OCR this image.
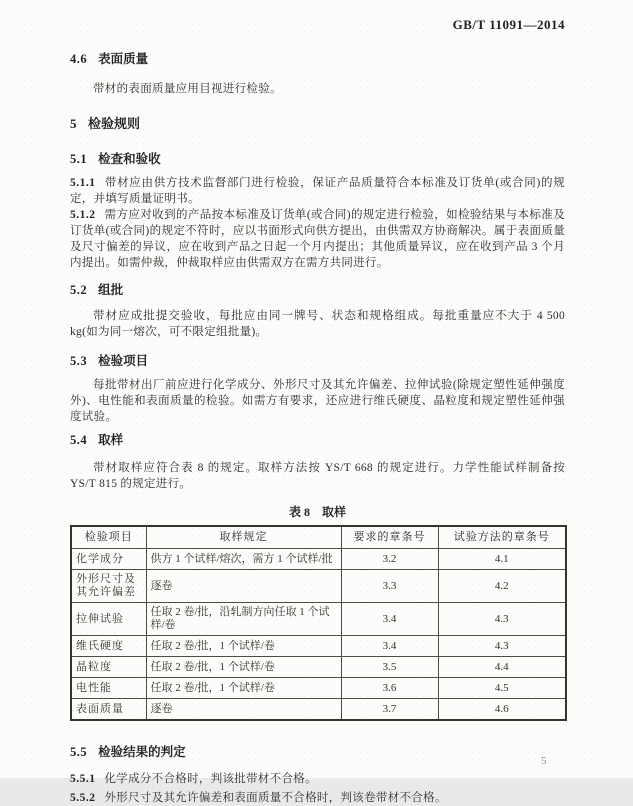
GB/T 11091—2014

4.6 表面质量

带材的表面质量应用目视进行检验。

5 检验规则

5.1 检查和验收

5.1.1 带材应由供方技术监督部门进行检验，保证产品质量符合本标准及订货单(或合同)的规定，并填写质量证明书。

5.1.2 需方应对收到的产品按本标准及订货单(或合同)的规定进行检验，如检验结果与本标准及订货单(或合同)的规定不符时，应以书面形式向供方提出，由供需双方协商解决。属于表面质量及尺寸偏差的异议，应在收到产品之日起一个月内提出；其他质量异议，应在收到产品 3 个月内提出。如需仲裁，仲裁取样应由供需双方在需方共同进行。

5.2 组批

带材应成批提交验收，每批应由同一牌号、状态和规格组成。每批重量应不大于 4 500 kg(如为同一熔次，可不限定组批量)。

5.3 检验项目

每批带材出厂前应进行化学成分、外形尺寸及其允许偏差、拉伸试验(除规定塑性延伸强度外)、电性能和表面质量的检验。如需方有要求，还应进行维氏硬度、晶粒度和规定塑性延伸强度试验。

5.4 取样

带材取样应符合表 8 的规定。取样方法按 YS/T 668 的规定进行。力学性能试样制备按 YS/T 815 的规定进行。

表 8　取样

检验项目	取样规定	要求的章条号	试验方法的章条号
化学成分	供方 1 个试样/熔次，需方 1 个试样/批	3.2	4.1
外形尺寸及其允许偏差	逐卷	3.3	4.2
拉伸试验	任取 2 卷/批，沿轧制方向任取 1 个试样/卷	3.4	4.3
维氏硬度	任取 2 卷/批，1 个试样/卷	3.4	4.3
晶粒度	任取 2 卷/批，1 个试样/卷	3.5	4.4
电性能	任取 2 卷/批，1 个试样/卷	3.6	4.5
表面质量	逐卷	3.7	4.6

5.5 检验结果的判定

5.5.1 化学成分不合格时，判该批带材不合格。

5.5.2 外形尺寸及其允许偏差和表面质量不合格时，判该卷带材不合格。

5
